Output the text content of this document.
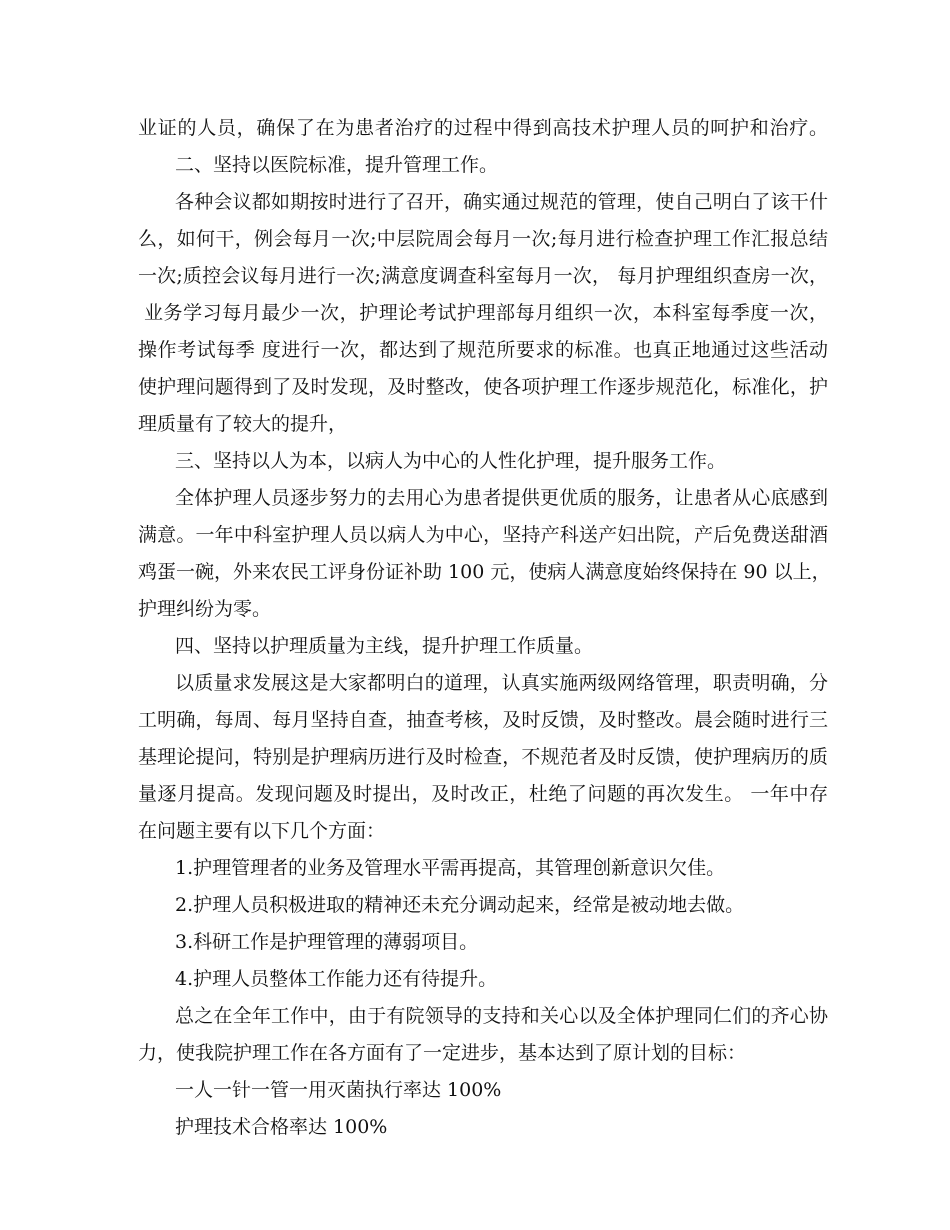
业证的人员，确保了在为患者治疗的过程中得到高技术护理人员的呵护和治疗。

二、坚持以医院标准，提升管理工作。

各种会议都如期按时进行了召开，确实通过规范的管理，使自己明白了该干什

么，如何干，例会每月一次;中层院周会每月一次;每月进行检查护理工作汇报总结

一次;质控会议每月进行一次;满意度调查科室每月一次， 每月护理组织查房一次，

业务学习每月最少一次，护理论考试护理部每月组织一次，本科室每季度一次，

操作考试每季 度进行一次，都达到了规范所要求的标准。也真正地通过这些活动

使护理问题得到了及时发现，及时整改，使各项护理工作逐步规范化，标准化，护

理质量有了较大的提升，

三、坚持以人为本，以病人为中心的人性化护理，提升服务工作。

全体护理人员逐步努力的去用心为患者提供更优质的服务，让患者从心底感到

满意。一年中科室护理人员以病人为中心，坚持产科送产妇出院，产后免费送甜酒

鸡蛋一碗，外来农民工评身份证补助 100 元，使病人满意度始终保持在 90 以上，

护理纠纷为零。

四、坚持以护理质量为主线，提升护理工作质量。

以质量求发展这是大家都明白的道理，认真实施两级网络管理，职责明确，分

工明确，每周、每月坚持自查，抽查考核，及时反馈，及时整改。晨会随时进行三

基理论提问，特别是护理病历进行及时检查，不规范者及时反馈，使护理病历的质

量逐月提高。发现问题及时提出，及时改正，杜绝了问题的再次发生。 一年中存

在问题主要有以下几个方面：

1.护理管理者的业务及管理水平需再提高，其管理创新意识欠佳。

2.护理人员积极进取的精神还未充分调动起来，经常是被动地去做。

3.科研工作是护理管理的薄弱项目。

4.护理人员整体工作能力还有待提升。

总之在全年工作中，由于有院领导的支持和关心以及全体护理同仁们的齐心协

力，使我院护理工作在各方面有了一定进步，基本达到了原计划的目标：

一人一针一管一用灭菌执行率达 100%

护理技术合格率达 100%
